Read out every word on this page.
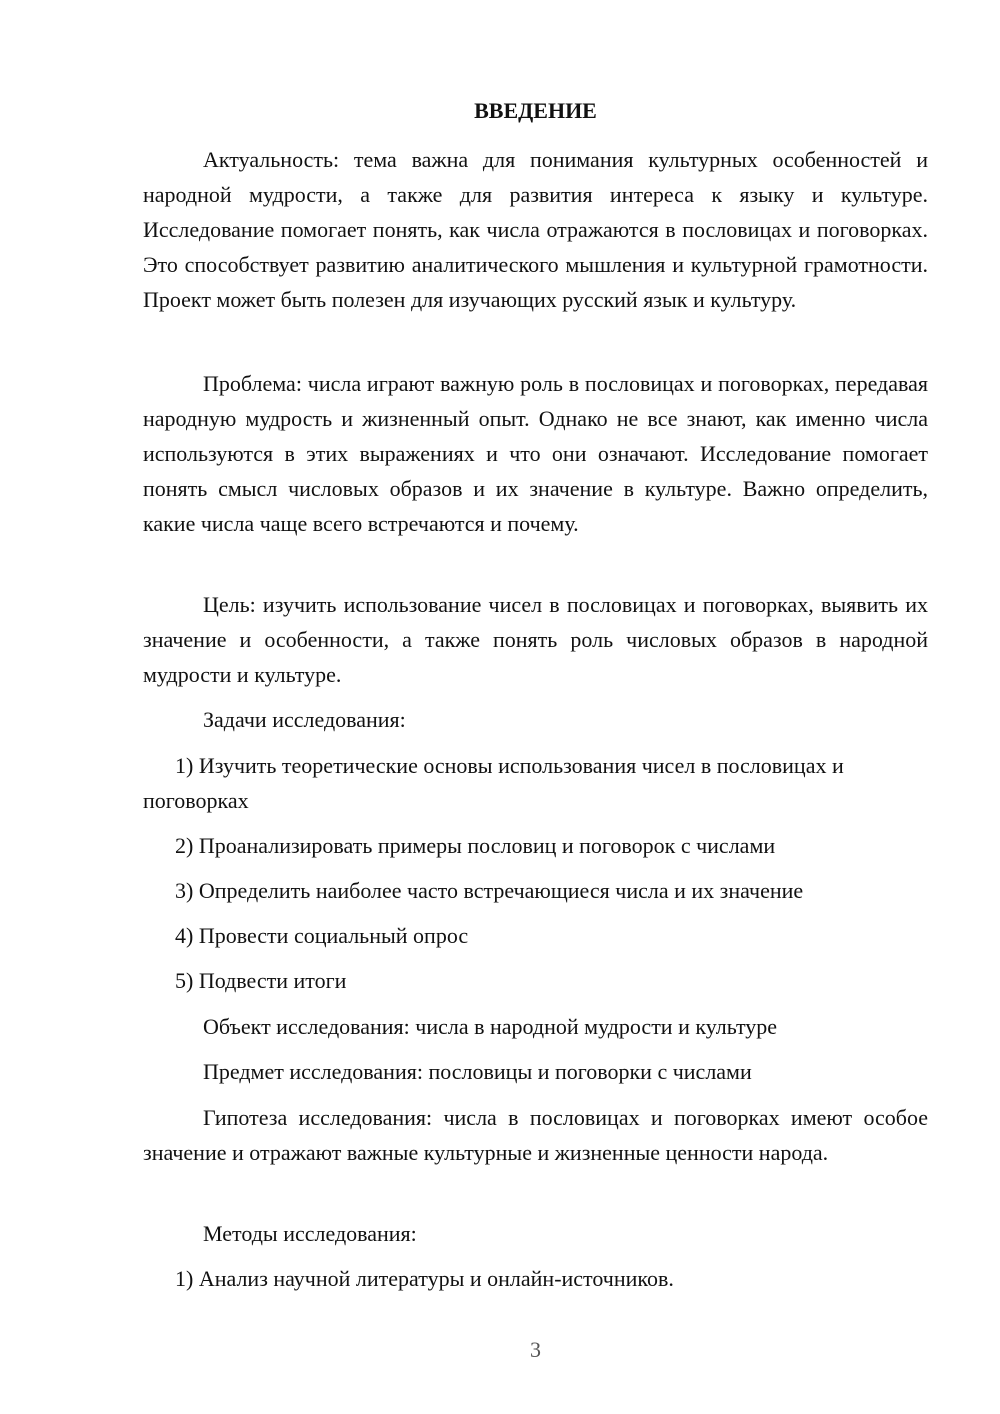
ВВЕДЕНИЕ

Актуальность: тема важна для понимания культурных особенностей и народной мудрости, а также для развития интереса к языку и культуре. Исследование помогает понять, как числа отражаются в пословицах и поговорках. Это способствует развитию аналитического мышления и культурной грамотности. Проект может быть полезен для изучающих русский язык и культуру.

Проблема: числа играют важную роль в пословицах и поговорках, передавая народную мудрость и жизненный опыт. Однако не все знают, как именно числа используются в этих выражениях и что они означают. Исследование помогает понять смысл числовых образов и их значение в культуре. Важно определить, какие числа чаще всего встречаются и почему.

Цель: изучить использование чисел в пословицах и поговорках, выявить их значение и особенности, а также понять роль числовых образов в народной мудрости и культуре.

Задачи исследования:

1) Изучить теоретические основы использования чисел в пословицах и поговорках

2) Проанализировать примеры пословиц и поговорок с числами

3) Определить наиболее часто встречающиеся числа и их значение

4) Провести социальный опрос

5) Подвести итоги

Объект исследования: числа в народной мудрости и культуре

Предмет исследования: пословицы и поговорки с числами

Гипотеза исследования: числа в пословицах и поговорках имеют особое значение и отражают важные культурные и жизненные ценности народа.

Методы исследования:

1) Анализ научной литературы и онлайн-источников.

3
